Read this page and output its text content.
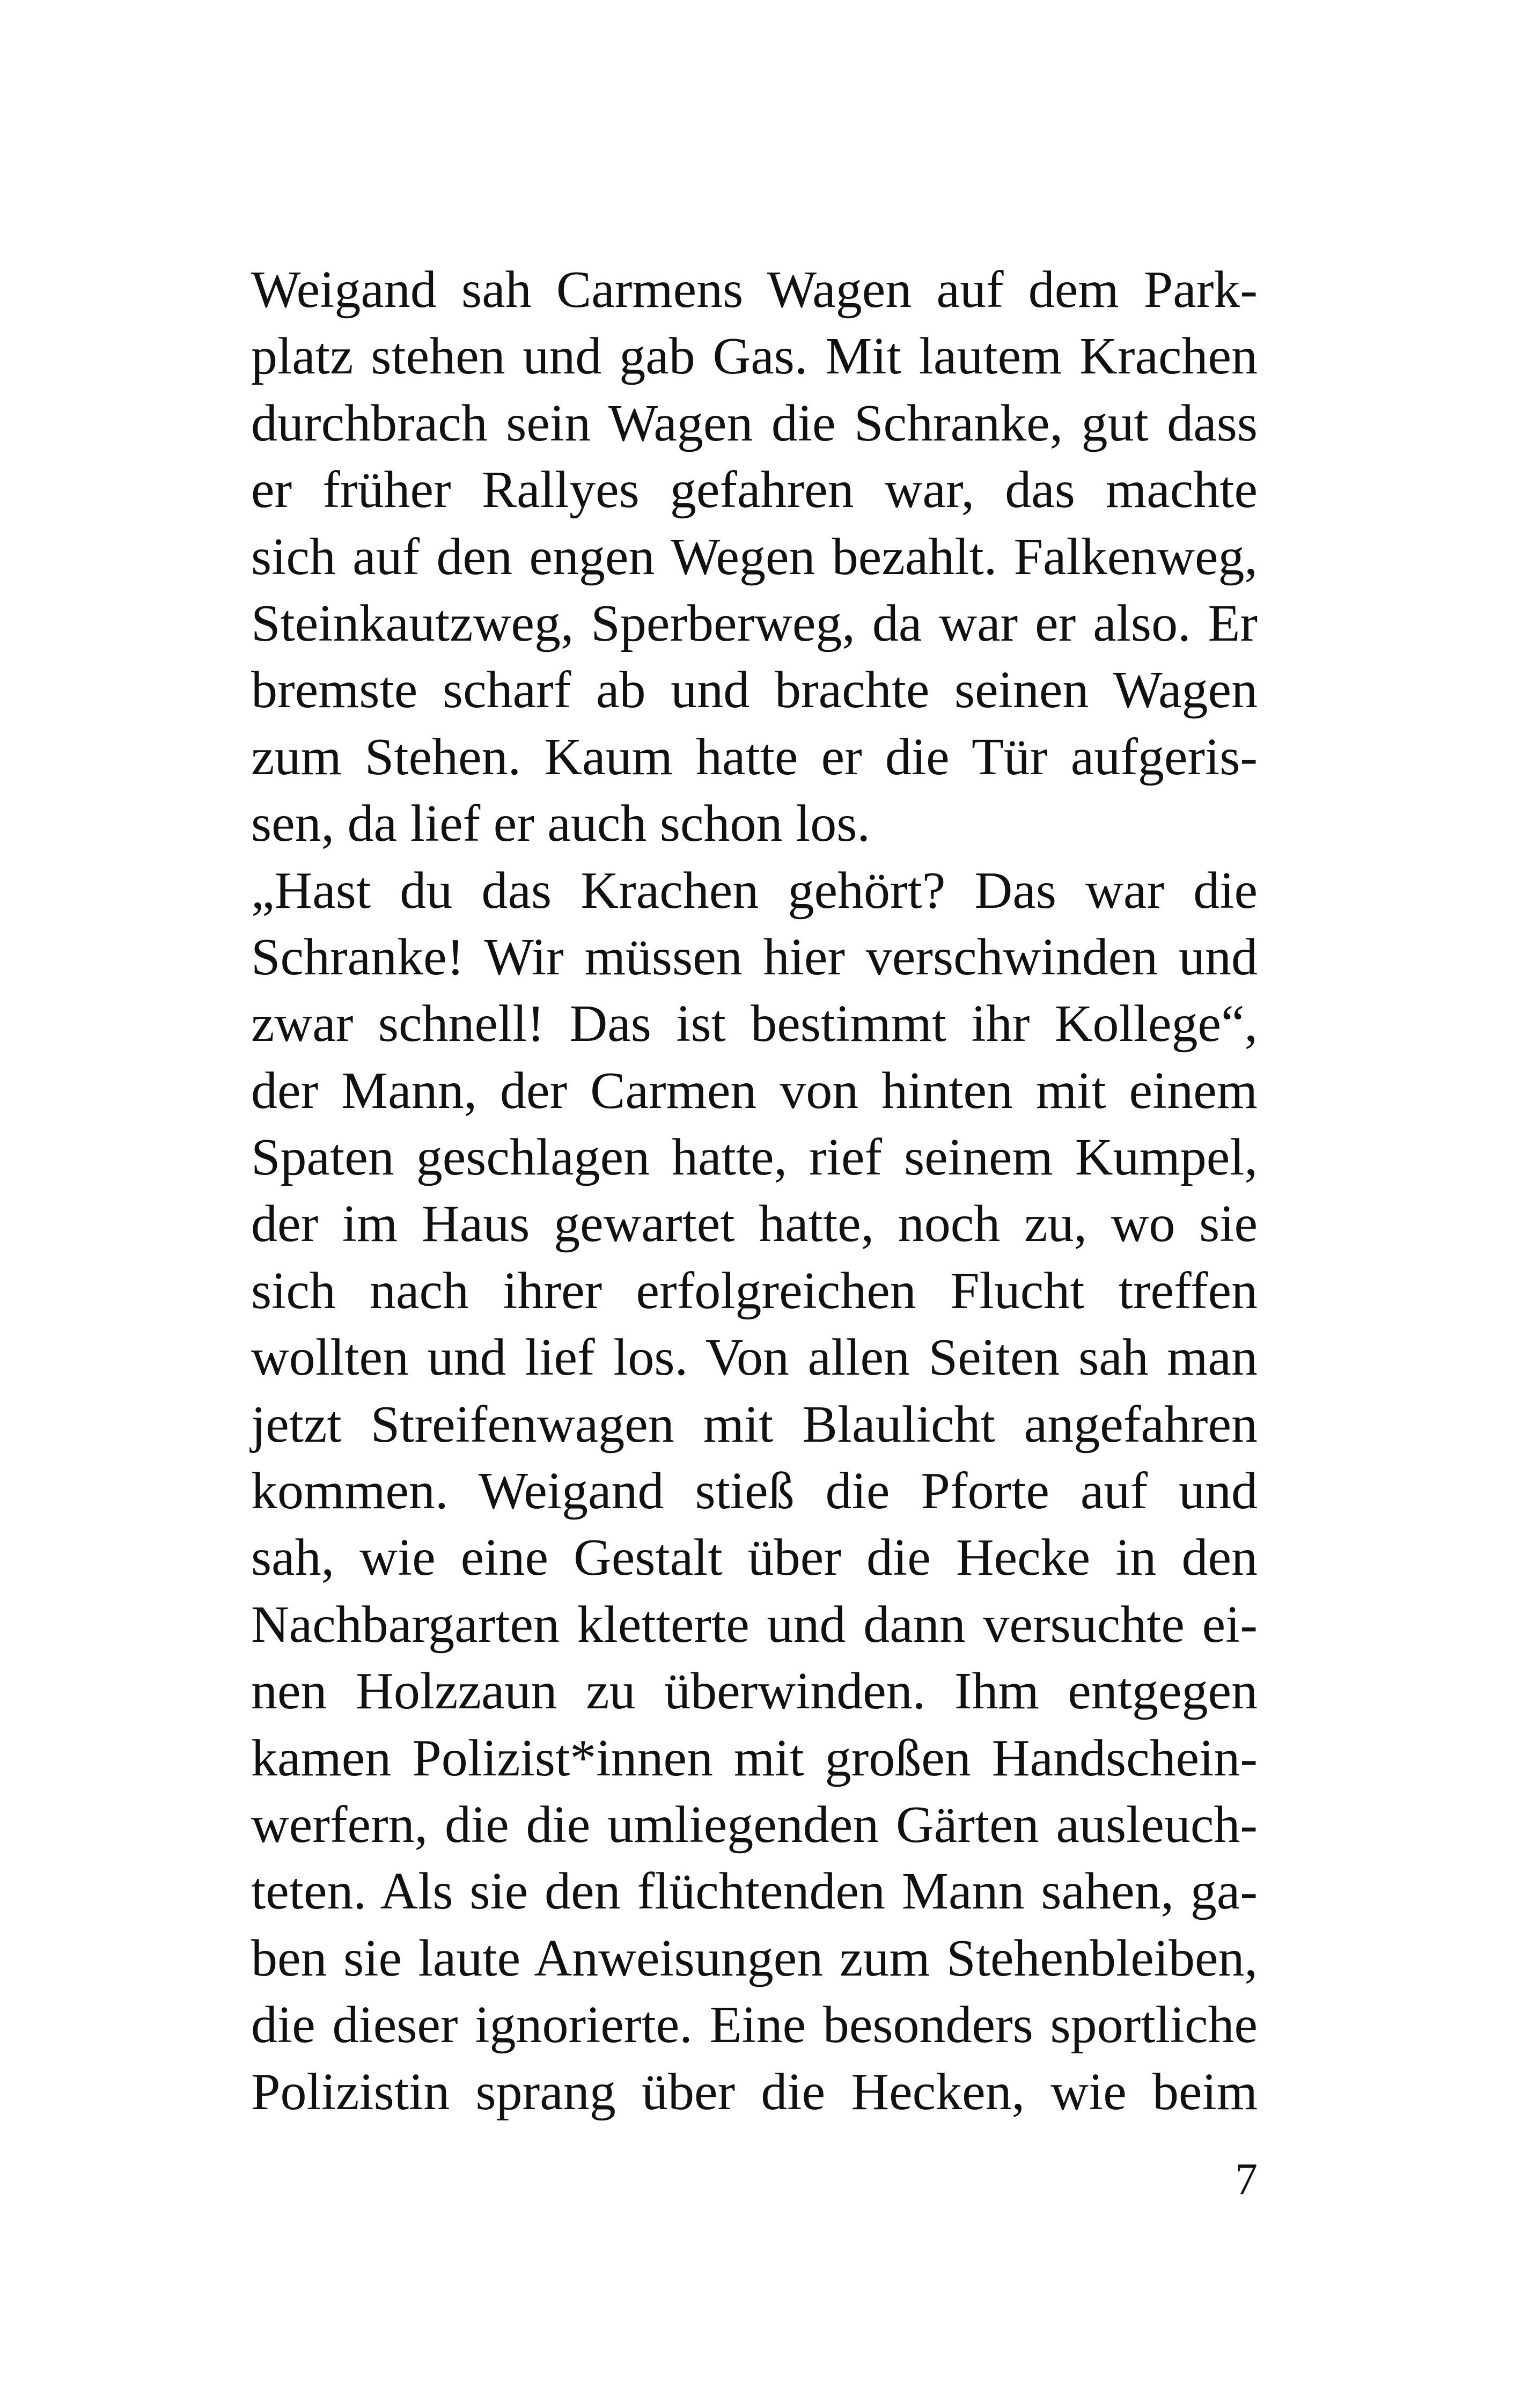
Weigand sah Carmens Wagen auf dem Park-
platz stehen und gab Gas. Mit lautem Krachen
durchbrach sein Wagen die Schranke, gut dass
er früher Rallyes gefahren war, das machte
sich auf den engen Wegen bezahlt. Falkenweg,
Steinkautzweg, Sperberweg, da war er also. Er
bremste scharf ab und brachte seinen Wagen
zum Stehen. Kaum hatte er die Tür aufgeris-
sen, da lief er auch schon los.
„Hast du das Krachen gehört? Das war die
Schranke! Wir müssen hier verschwinden und
zwar schnell! Das ist bestimmt ihr Kollege“,
der Mann, der Carmen von hinten mit einem
Spaten geschlagen hatte, rief seinem Kumpel,
der im Haus gewartet hatte, noch zu, wo sie
sich nach ihrer erfolgreichen Flucht treffen
wollten und lief los. Von allen Seiten sah man
jetzt Streifenwagen mit Blaulicht angefahren
kommen. Weigand stieß die Pforte auf und
sah, wie eine Gestalt über die Hecke in den
Nachbargarten kletterte und dann versuchte ei-
nen Holzzaun zu überwinden. Ihm entgegen
kamen Polizist*innen mit großen Handschein-
werfern, die die umliegenden Gärten ausleuch-
teten. Als sie den flüchtenden Mann sahen, ga-
ben sie laute Anweisungen zum Stehenbleiben,
die dieser ignorierte. Eine besonders sportliche
Polizistin sprang über die Hecken, wie beim
7
